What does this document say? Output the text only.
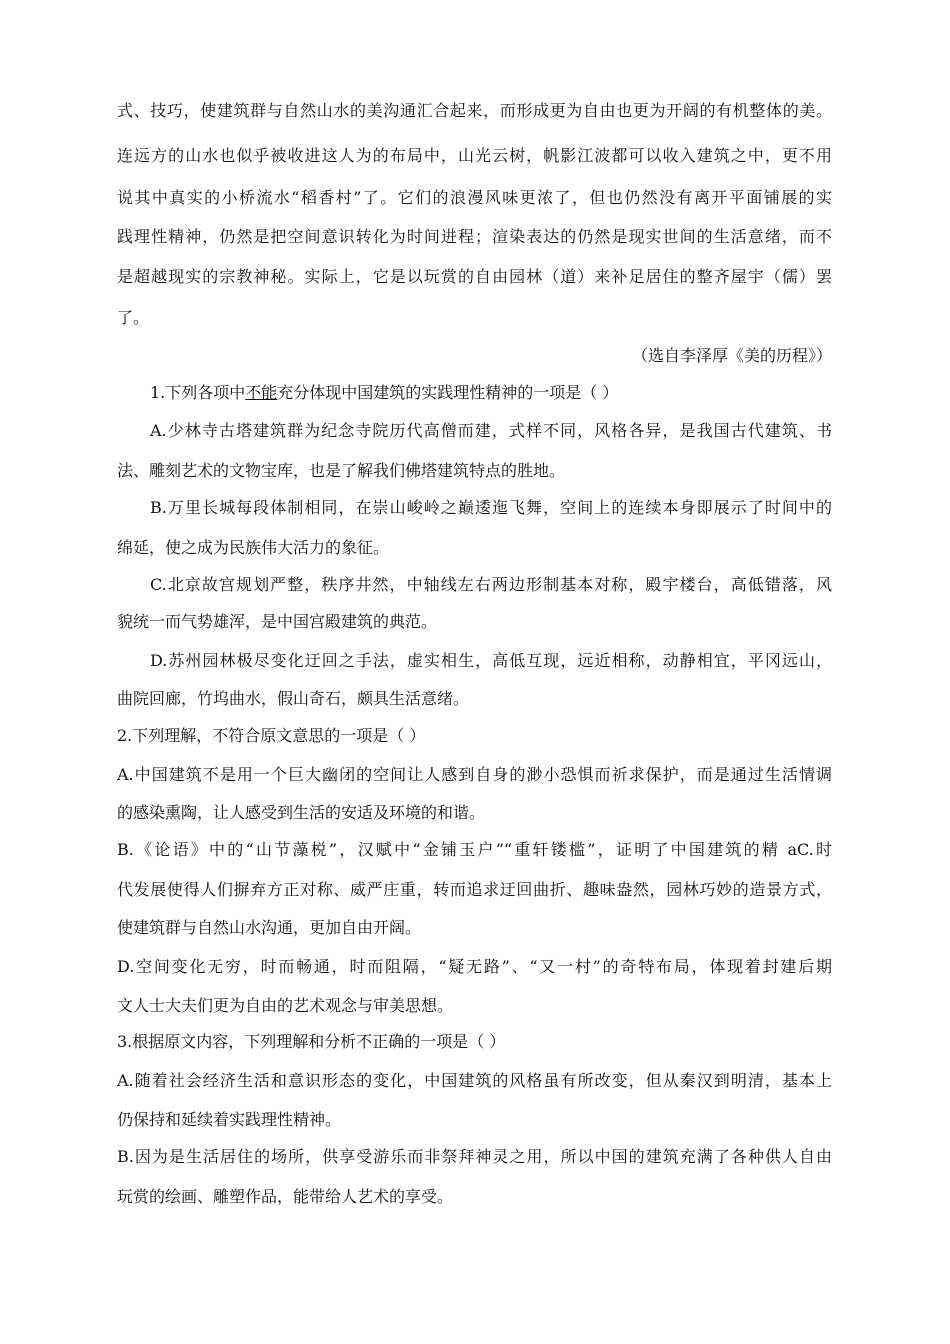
式、技巧，使建筑群与自然山水的美沟通汇合起来，而形成更为自由也更为开阔的有机整体的美。
连远方的山水也似乎被收进这人为的布局中，山光云树，帆影江波都可以收入建筑之中，更不用
说其中真实的小桥流水“稻香村”了。它们的浪漫风味更浓了，但也仍然没有离开平面铺展的实
践理性精神，仍然是把空间意识转化为时间进程；渲染表达的仍然是现实世间的生活意绪，而不
是超越现实的宗教神秘。实际上，它是以玩赏的自由园林（道）来补足居住的整齐屋宇（儒）罢
了。
（选自李泽厚《美的历程》）
1.下列各项中不能充分体现中国建筑的实践理性精神的一项是（ ）
A.少林寺古塔建筑群为纪念寺院历代高僧而建，式样不同，风格各异，是我国古代建筑、书
法、雕刻艺术的文物宝库，也是了解我们佛塔建筑特点的胜地。
B.万里长城每段体制相同，在崇山峻岭之巅逶迤飞舞，空间上的连续本身即展示了时间中的
绵延，使之成为民族伟大活力的象征。
C.北京故宫规划严整，秩序井然，中轴线左右两边形制基本对称，殿宇楼台，高低错落，风
貌统一而气势雄浑，是中国宫殿建筑的典范。
D.苏州园林极尽变化迂回之手法，虚实相生，高低互现，远近相称，动静相宜，平冈远山，
曲院回廊，竹坞曲水，假山奇石，颇具生活意绪。
2.下列理解，不符合原文意思的一项是（ ）
A.中国建筑不是用一个巨大幽闭的空间让人感到自身的渺小恐惧而祈求保护，而是通过生活情调
的感染熏陶，让人感受到生活的安适及环境的和谐。
B.《论语》中的“山节藻棁”，汉赋中“金铺玉户”“重轩镂槛”，证明了中国建筑的精 aC.时
代发展使得人们摒弃方正对称、威严庄重，转而追求迂回曲折、趣味盎然，园林巧妙的造景方式，
使建筑群与自然山水沟通，更加自由开阔。
D.空间变化无穷，时而畅通，时而阻隔，“疑无路”、“又一村”的奇特布局，体现着封建后期
文人士大夫们更为自由的艺术观念与审美思想。
3.根据原文内容，下列理解和分析不正确的一项是（ ）
A.随着社会经济生活和意识形态的变化，中国建筑的风格虽有所改变，但从秦汉到明清，基本上
仍保持和延续着实践理性精神。
B.因为是生活居住的场所，供享受游乐而非祭拜神灵之用，所以中国的建筑充满了各种供人自由
玩赏的绘画、雕塑作品，能带给人艺术的享受。
